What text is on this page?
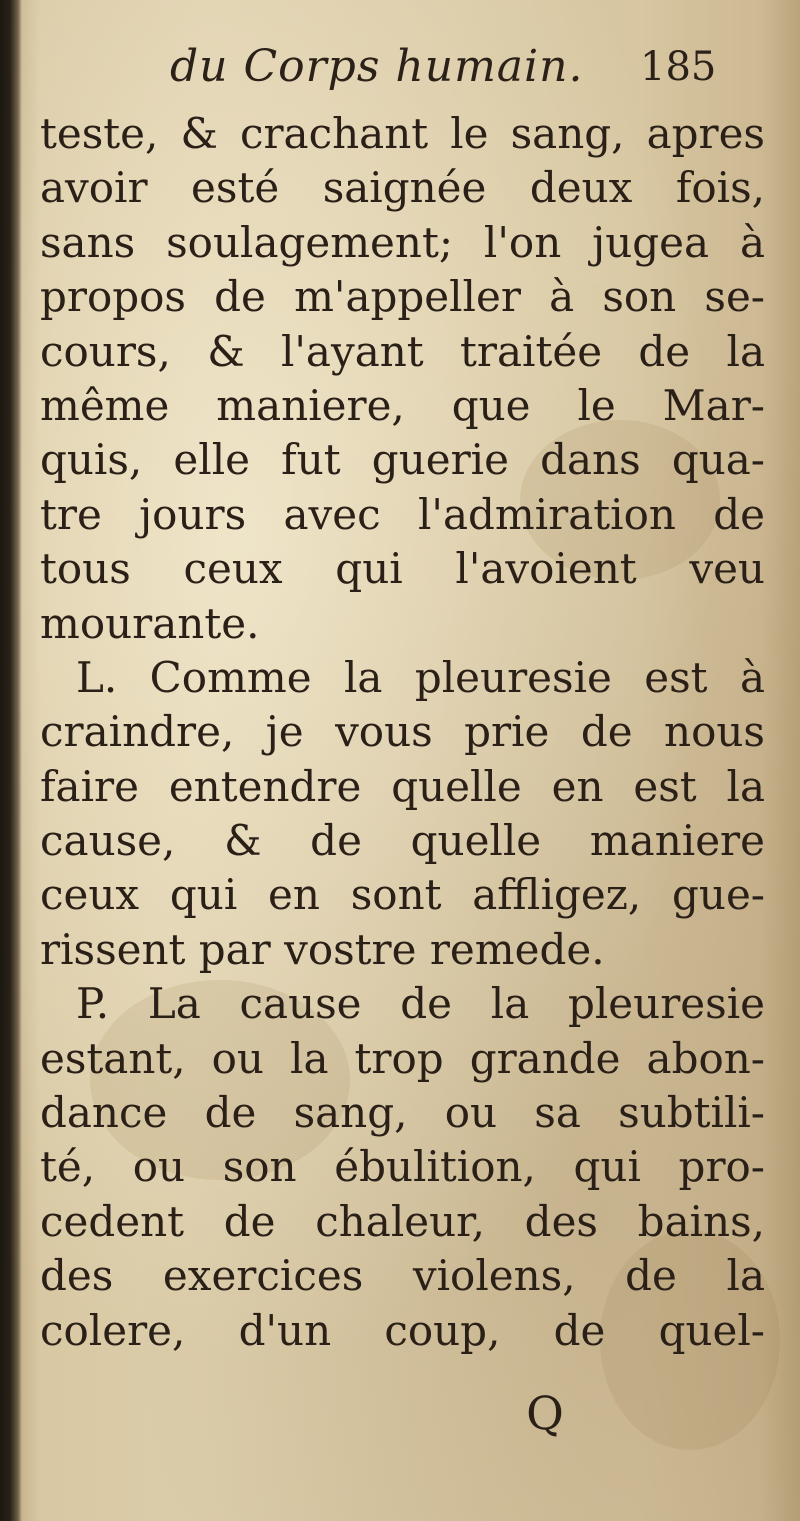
du Corps humain.	185
teste, & crachant le sang, apres
avoir esté saignée deux fois,
sans soulagement; l'on jugea à
propos de m'appeller à son se-
cours, & l'ayant traitée de la
même maniere, que le Mar-
quis, elle fut guerie dans qua-
tre jours avec l'admiration de
tous ceux qui l'avoient veu
mourante.
L. Comme la pleuresie est à
craindre, je vous prie de nous
faire entendre quelle en est la
cause, & de quelle maniere
ceux qui en sont affligez, gue-
rissent par vostre remede.
P. La cause de la pleuresie
estant, ou la trop grande abon-
dance de sang, ou sa subtili-
té, ou son ébulition, qui pro-
cedent de chaleur, des bains,
des exercices violens, de la
colere, d'un coup, de quel-
Q
